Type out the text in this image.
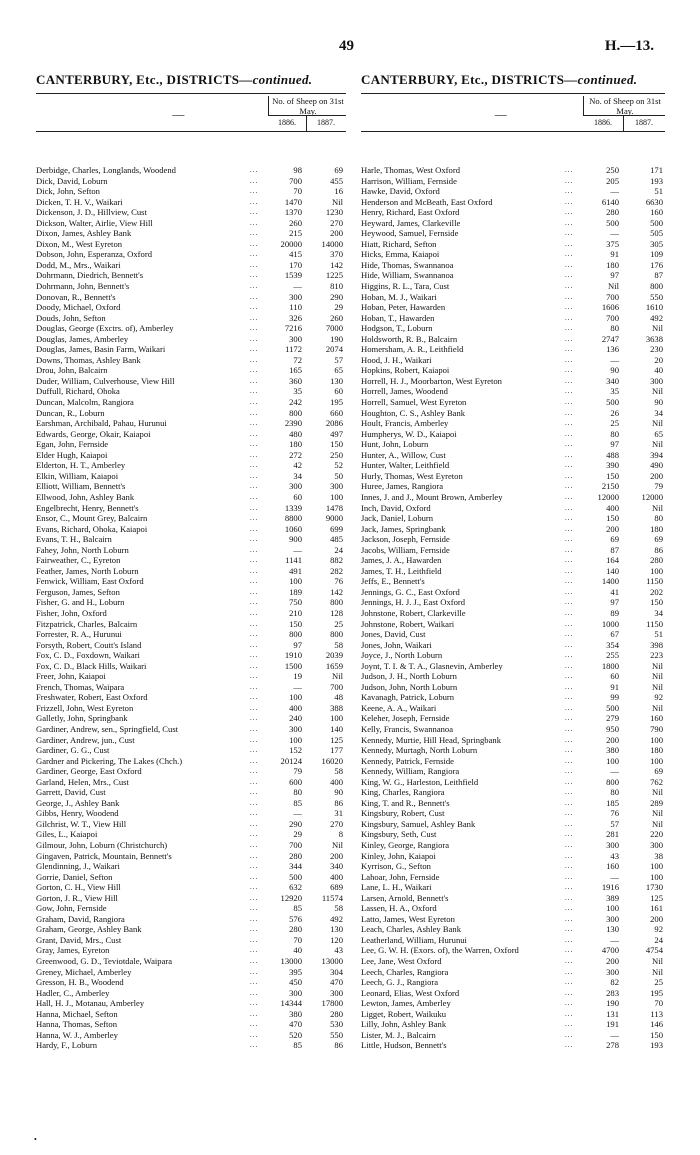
49	H.—13.
CANTERBURY, Etc., DISTRICTS—continued.
—
No. of Sheep on 31st May.
1886.	1887.
Derbidge, Charles, Longlands, Woodend	...	98	69
Dick, David, Loburn	...	700	455
Dick, John, Sefton	...	70	16
Dicken, T. H. V., Waikari	...	1470	Nil
Dickenson, J. D., Hillview, Cust	...	1370	1230
Dickson, Walter, Airlie, View Hill	...	260	270
Dixon, James, Ashley Bank	...	215	200
Dixon, M., West Eyreton	...	20000	14000
Dobson, John, Esperanza, Oxford	...	415	370
Dodd, M., Mrs., Waikari	...	170	142
Dohrmann, Diedrich, Bennett's	...	1539	1225
Dohrmann, John, Bennett's	...	—	810
Donovan, R., Bennett's	...	300	290
Doody, Michael, Oxford	...	110	29
Douds, John, Sefton	...	326	260
Douglas, George (Exctrs. of), Amberley	...	7216	7000
Douglas, James, Amberley	...	300	190
Douglas, James, Basin Farm, Waikari	...	1172	2074
Downs, Thomas, Ashley Bank	...	72	57
Drou, John, Balcairn	...	165	65
Duder, William, Culverhouse, View Hill	...	360	130
Duffull, Richard, Ohoka	...	35	60
Duncan, Malcolm, Rangiora	...	242	195
Duncan, R., Loburn	...	800	660
Earshman, Archibald, Pahau, Hurunui	...	2390	2086
Edwards, George, Okair, Kaiapoi	...	480	497
Egan, John, Fernside	...	180	150
Elder Hugh, Kaiapoi	...	272	250
Elderton, H. T., Amberley	...	42	52
Elkin, William, Kaiapoi	...	34	50
Elliott, William, Bennett's	...	300	300
Ellwood, John, Ashley Bank	...	60	100
Engelbrecht, Henry, Bennett's	...	1339	1478
Ensor, C., Mount Grey, Balcairn	...	8800	9000
Evans, Richard, Ohoka, Kaiapoi	...	1060	699
Evans, T. H., Balcairn	...	900	485
Fahey, John, North Loburn	...	—	24
Fairweather, C., Eyreton	...	1141	882
Feather, James, North Loburn	...	491	282
Fenwick, William, East Oxford	...	100	76
Ferguson, James, Sefton	...	189	142
Fisher, G. and H., Loburn	...	750	800
Fisher, John, Oxford	...	210	128
Fitzpatrick, Charles, Balcairn	...	150	25
Forrester, R. A., Hurunui	...	800	800
Forsyth, Robert, Coutt's Island	...	97	58
Fox, C. D., Foxdown, Waikari	...	1910	2039
Fox, C. D., Black Hills, Waikari	...	1500	1659
Freer, John, Kaiapoi	...	19	Nil
French, Thomas, Waipara	...	—	700
Freshwater, Robert, East Oxford	...	100	48
Frizzell, John, West Eyreton	...	400	388
Galletly, John, Springbank	...	240	100
Gardiner, Andrew, sen., Springfield, Cust	...	300	140
Gardiner, Andrew, jun., Cust	...	100	125
Gardiner, G. G., Cust	...	152	177
Gardner and Pickering, The Lakes (Chch.)	...	20124	16020
Gardiner, George, East Oxford	...	79	58
Garland, Helen, Mrs., Cust	...	600	400
Garrett, David, Cust	...	80	90
George, J., Ashley Bank	...	85	86
Gibbs, Henry, Woodend	...	—	31
Gilchrist, W. T., View Hill	...	290	270
Giles, L., Kaiapoi	...	29	8
Gilmour, John, Loburn (Christchurch)	...	700	Nil
Gingaven, Patrick, Mountain, Bennett's	...	280	200
Glendinning, J., Waikari	...	344	340
Gorrie, Daniel, Sefton	...	500	400
Gorton, C. H., View Hill	...	632	689
Gorton, J. R., View Hill	...	12920	11574
Gow, John, Fernside	...	85	58
Graham, David, Rangiora	...	576	492
Graham, George, Ashley Bank	...	280	130
Grant, David, Mrs., Cust	...	70	120
Gray, James, Eyreton	...	40	43
Greenwood, G. D., Teviotdale, Waipara	...	13000	13000
Greney, Michael, Amberley	...	395	304
Gresson, H. B., Woodend	...	450	470
Hadler, C., Amberley	...	300	300
Hall, H. J., Motanau, Amberley	...	14344	17800
Hanna, Michael, Sefton	...	380	280
Hanna, Thomas, Sefton	...	470	530
Hanna, W. J., Amberley	...	520	550
Hardy, F., Loburn	...	85	86
CANTERBURY, Etc., DISTRICTS—continued.
—
No. of Sheep on 31st May.
1886.	1887.
Harle, Thomas, West Oxford	...	250	171
Harrison, William, Fernside	...	205	193
Hawke, David, Oxford	...	—	51
Henderson and McBeath, East Oxford	...	6140	6630
Henry, Richard, East Oxford	...	280	160
Heyward, James, Clarkeville	...	500	500
Heywood, Samuel, Fernside	...	—	505
Hiatt, Richard, Sefton	...	375	305
Hicks, Emma, Kaiapoi	...	91	109
Hide, Thomas, Swannanoa	...	180	176
Hide, William, Swannanoa	...	97	87
Higgins, R. L., Tara, Cust	...	Nil	800
Hoban, M. J., Waikari	...	700	550
Hoban, Peter, Hawarden	...	1606	1610
Hoban, T., Hawarden	...	700	492
Hodgson, T., Loburn	...	80	Nil
Holdsworth, R. B., Balcairn	...	2747	3638
Homersham, A. R., Leithfield	...	136	230
Hood, J. H., Waikari	...	—	20
Hopkins, Robert, Kaiapoi	...	90	40
Horrell, H. J., Moorbarton, West Eyreton	...	340	300
Horrell, James, Woodend	...	35	Nil
Horrell, Samuel, West Eyreton	...	500	90
Houghton, C. S., Ashley Bank	...	26	34
Hoult, Francis, Amberley	...	25	Nil
Humpherys, W. D., Kaiapoi	...	80	65
Hunt, John, Loburn	...	97	Nil
Hunter, A., Willow, Cust	...	488	394
Hunter, Walter, Leithfield	...	390	490
Hurly, Thomas, West Eyreton	...	150	200
Huree, James, Rangiora	...	2150	79
Innes, J. and J., Mount Brown, Amberley	...	12000	12000
Inch, David, Oxford	...	400	Nil
Jack, Daniel, Loburn	...	150	80
Jack, James, Springbank	...	200	180
Jackson, Joseph, Fernside	...	69	69
Jacobs, William, Fernside	...	87	86
James, J. A., Hawarden	...	164	280
James, T. H., Leithfield	...	140	100
Jeffs, E., Bennett's	...	1400	1150
Jennings, G. C., East Oxford	...	41	202
Jennings, H. J. J., East Oxford	...	97	150
Johnstone, Robert, Clarkeville	...	89	34
Johnstone, Robert, Waikari	...	1000	1150
Jones, David, Cust	...	67	51
Jones, John, Waikari	...	354	398
Joyce, J., North Loburn	...	255	223
Joynt, T. I. & T. A., Glasnevin, Amberley	...	1800	Nil
Judson, J. H., North Loburn	...	60	Nil
Judson, John, North Loburn	...	91	Nil
Kavanagh, Patrick, Loburn	...	99	92
Keene, A. A., Waikari	...	500	Nil
Keleher, Joseph, Fernside	...	279	160
Kelly, Francis, Swannanoa	...	950	790
Kennedy, Murtie, Hill Head, Springbank	...	200	100
Kennedy, Murtagh, North Loburn	...	380	180
Kennedy, Patrick, Fernside	...	100	100
Kennedy, William, Rangiora	...	—	69
King, W. G., Harleston, Leithfield	...	800	762
King, Charles, Rangiora	...	80	Nil
King, T. and R., Bennett's	...	185	289
Kingsbury, Robert, Cust	...	76	Nil
Kingsbury, Samuel, Ashley Bank	...	57	Nil
Kingsbury, Seth, Cust	...	281	220
Kinley, George, Rangiora	...	300	300
Kinley, John, Kaiapoi	...	43	38
Kyrrison, G., Sefton	...	160	100
Lahoar, John, Fernside	...	—	100
Lane, L. H., Waikari	...	1916	1730
Larsen, Arnold, Bennett's	...	389	125
Lassen, H. A., Oxford	...	100	161
Latto, James, West Eyreton	...	300	200
Leach, Charles, Ashley Bank	...	130	92
Leatherland, William, Hurunui	...	—	24
Lee, G. W. H. (Exors. of), the Warren, Oxford	...	4700	4754
Lee, Jane, West Oxford	...	200	Nil
Leech, Charles, Rangiora	...	300	Nil
Leech, G. J., Rangiora	...	82	25
Leonard, Elias, West Oxford	...	283	195
Lewton, James, Amberley	...	190	70
Ligget, Robert, Waikuku	...	131	113
Lilly, John, Ashley Bank	...	191	146
Lister, M. J., Balcairn	...	—	150
Little, Hudson, Bennett's	...	278	193
•
